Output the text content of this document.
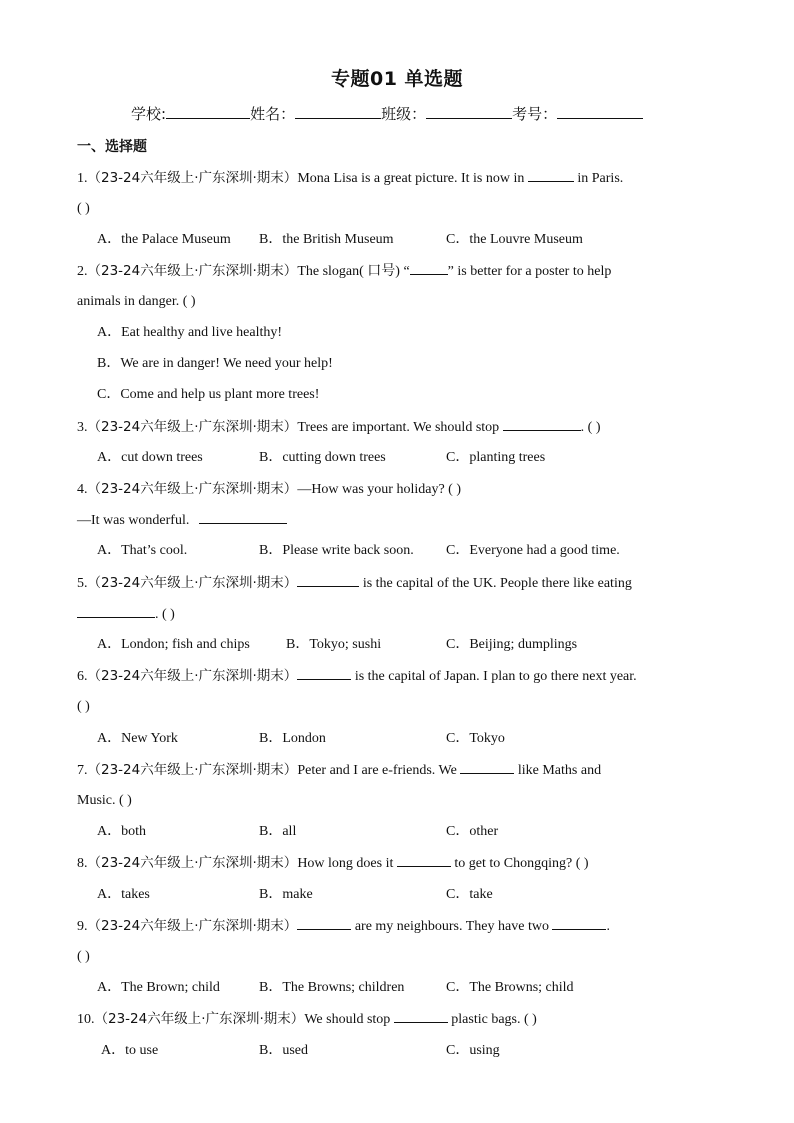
专题01 单选题
学校:	姓名：	班级：	考号：
一、选择题
1.（23-24六年级上·广东深圳·期末）Mona Lisa is a great picture. It is now in	in Paris.
( )
A．the Palace Museum B．the British Museum	C．the Louvre Museum
2.（23-24六年级上·广东深圳·期末）The slogan( 口号) “	” is better for a poster to help
animals in danger. ( )
A．Eat healthy and live healthy!
B．We are in danger! We need your help!
C．Come and help us plant more trees!
3.（23-24六年级上·广东深圳·期末）Trees are important. We should stop	. ( )
A．cut down trees	B．cutting down trees	C．planting trees
4.（23-24六年级上·广东深圳·期末）—How was your holiday? ( )
—It was wonderful.
A．That’s cool.	B．Please write back soon. C．Everyone had a good time.
5.（23-24六年级上·广东深圳·期末）	is the capital of the UK. People there like eating
. ( )
A．London; fish and chips	B．Tokyo; sushi	C．Beijing; dumplings
6.（23-24六年级上·广东深圳·期末）	is the capital of Japan. I plan to go there next year.
( )
A．New York	B．London	C．Tokyo
7.（23-24六年级上·广东深圳·期末）Peter and I are e-friends. We	like Maths and
Music. ( )
A．both	B．all	C．other
8.（23-24六年级上·广东深圳·期末）How long does it	to get to Chongqing? ( )
A．takes	B．make	C．take
9.（23-24六年级上·广东深圳·期末）	are my neighbours. They have two	.
( )
A．The Brown; child	B．The Browns; children	C．The Browns; child
10.（23-24六年级上·广东深圳·期末）We should stop	plastic bags. ( )
A．to use	B．used	C．using
